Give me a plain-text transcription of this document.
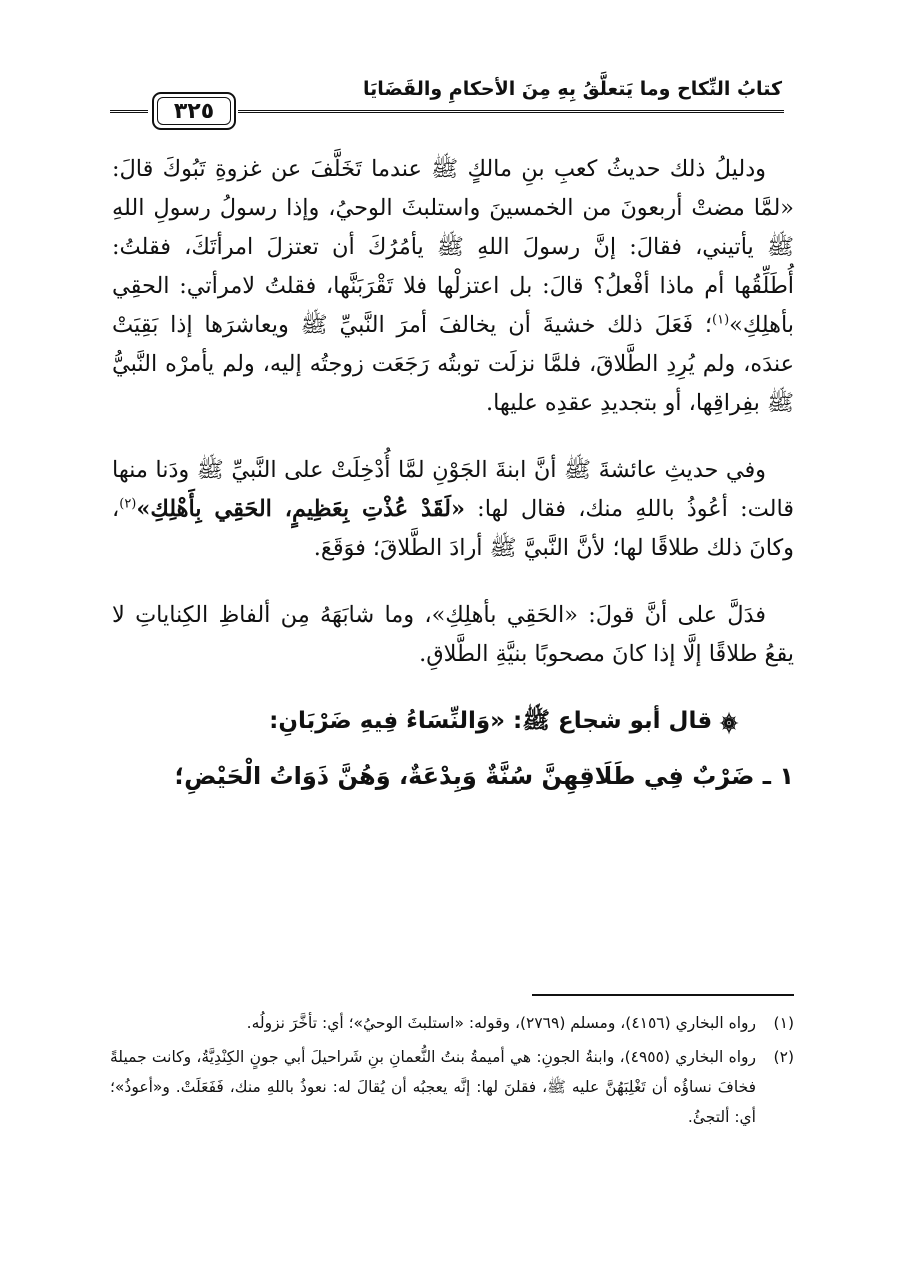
كتابُ النِّكاح وما يَتعلَّقُ بِهِ مِنَ الأحكامِ والقَضَايَا
٣٢٥

ودليلُ ذلك حديثُ كعبِ بنِ مالكٍ ﷺ عندما تَخَلَّفَ عن غزوةِ تَبُوكَ قالَ: «لمَّا مضتْ أربعونَ من الخمسينَ واستلبثَ الوحيُ، وإذا رسولُ رسولِ اللهِ ﷺ يأتيني، فقالَ: إنَّ رسولَ اللهِ ﷺ يأمُرُكَ أن تعتزلَ امرأتَكَ، فقلتُ: أُطَلِّقُها أم ماذا أفْعلُ؟ قالَ: بل اعتزلْها فلا تَقْرَبَنَّها، فقلتُ لامرأتي: الحقِي بأهلِكِ»$^{(١)}$؛ فَعَلَ ذلك خشيةَ أن يخالفَ أمرَ النَّبيِّ ﷺ ويعاشرَها إذا بَقِيَتْ عندَه، ولم يُرِدِ الطَّلاقَ، فلمَّا نزلَت توبتُه رَجَعَت زوجتُه إليه، ولم يأمرْه النَّبيُّ ﷺ بفِراقِها، أو بتجديدِ عقدِه عليها.

وفي حديثِ عائشةَ ﷺ أنَّ ابنةَ الجَوْنِ لمَّا أُدْخِلَتْ على النَّبيِّ ﷺ ودَنا منها قالت: أعُوذُ باللهِ منك، فقال لها: «لَقَدْ عُذْتِ بِعَظِيمٍ، الحَقِي بِأَهْلِكِ»$^{(٢)}$، وكانَ ذلك طلاقًا لها؛ لأنَّ النَّبيَّ ﷺ أرادَ الطَّلاقَ؛ فوَقَعَ.

فدَلَّ على أنَّ قولَ: «الحَقِي بأهلِكِ»، وما شابَهَهُ مِن ألفاظِ الكِناياتِ لا يقعُ طلاقًا إلَّا إذا كانَ مصحوبًا بنيَّةِ الطَّلاقِ.

۞ قال أبو شجاع ﷺ: «وَالنِّسَاءُ فِيهِ ضَرْبَانِ:

١ ـ ضَرْبٌ فِي طَلَاقِهِنَّ سُنَّةٌ وَبِدْعَةٌ، وَهُنَّ ذَوَاتُ الْحَيْضِ؛

(١)
رواه البخاري (٤١٥٦)، ومسلم (٢٧٦٩)، وقوله: «استلبثَ الوحيُ»؛ أي: تأخَّرَ نزولُه.
(٢)
رواه البخاري (٤٩٥٥)، وابنةُ الجونِ: هي أميمةُ بنتُ النُّعمانِ بنِ شَراحيلَ أبي جونٍ الكِنْدِيَّةُ، وكانت جميلةً فخافَ نساؤُه أن تَغْلِبَهُنَّ عليه ﷺ، فقلنَ لها: إنَّه يعجبُه أن يُقالَ له: نعوذُ باللهِ منك، فَفَعَلَتْ. و«أعوذُ»؛ أي: ألتجئُ.
